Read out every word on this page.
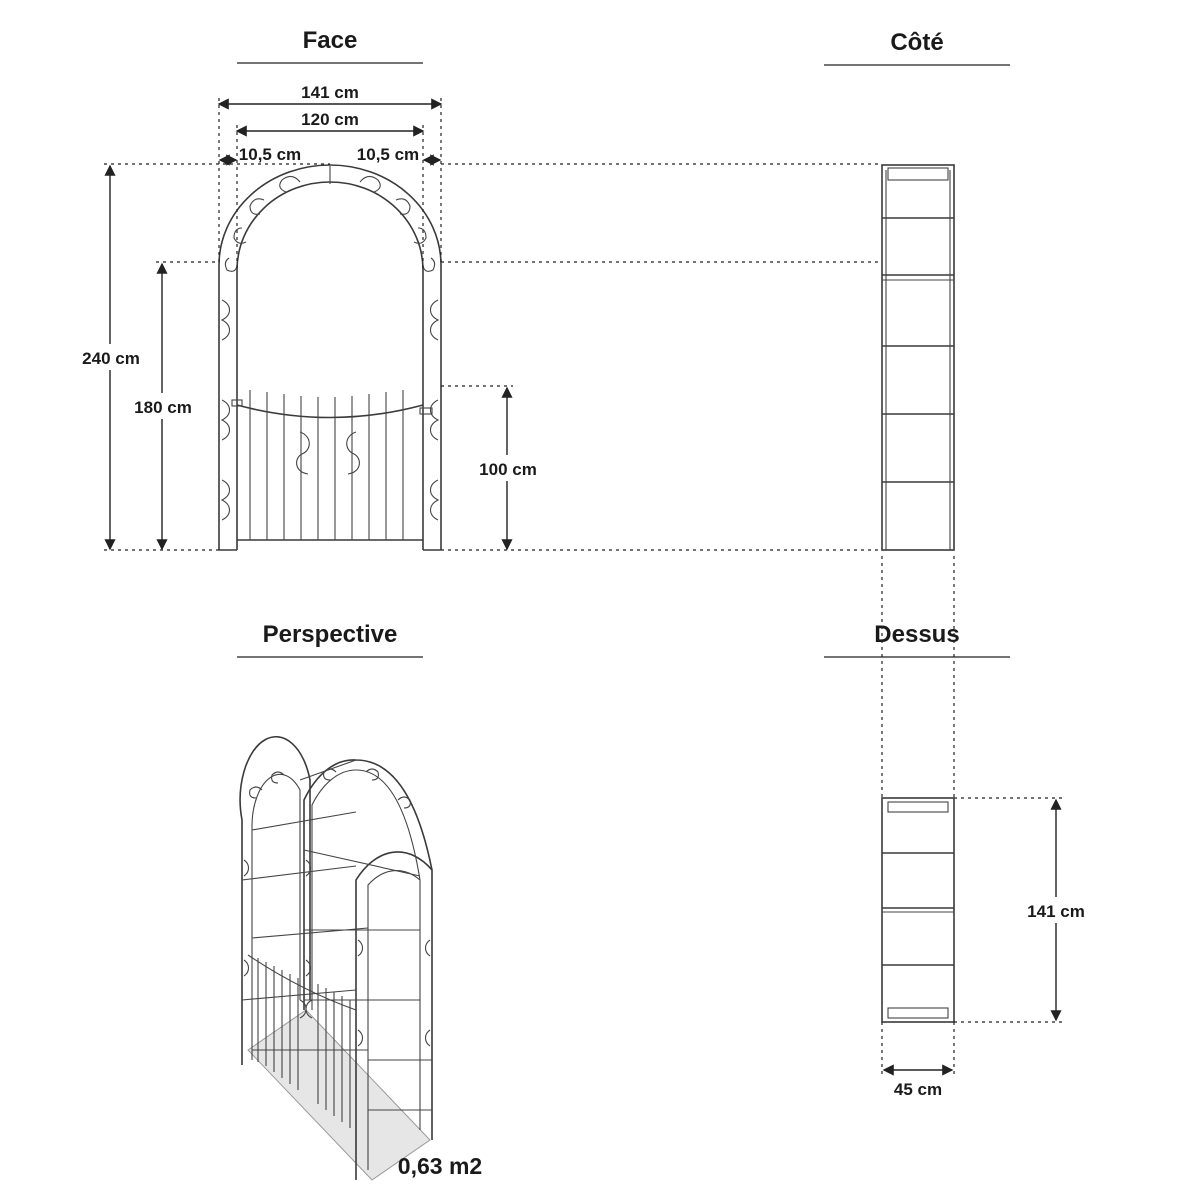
Face	Côté
Perspective	Dessus
141 cm
120 cm
10,5 cm	10,5 cm
240 cm
180 cm
100 cm
141 cm
45 cm
0,63 m2
